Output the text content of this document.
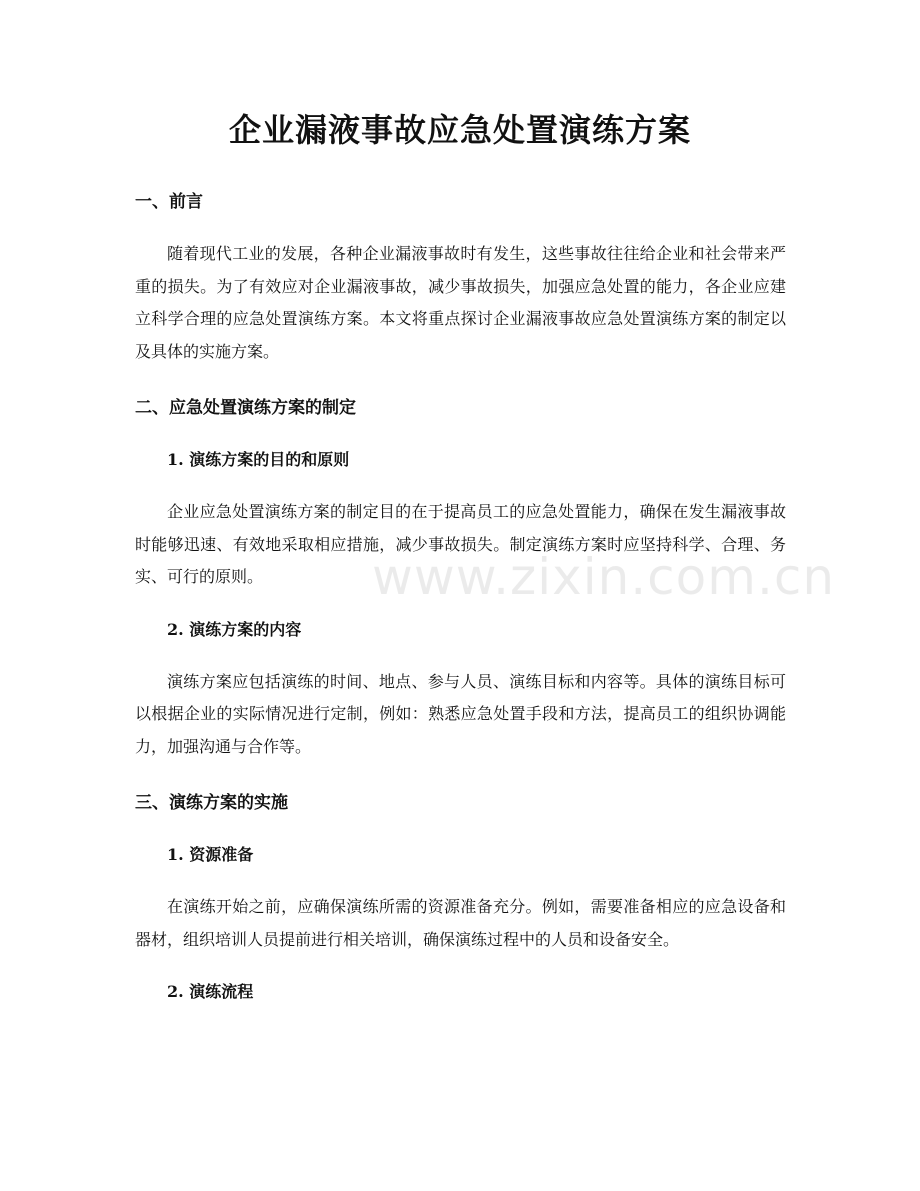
企业漏液事故应急处置演练方案
一、前言

随着现代工业的发展，各种企业漏液事故时有发生，这些事故往往给企业和社会带来严重的损失。为了有效应对企业漏液事故，减少事故损失，加强应急处置的能力，各企业应建立科学合理的应急处置演练方案。本文将重点探讨企业漏液事故应急处置演练方案的制定以及具体的实施方案。

二、应急处置演练方案的制定
1. 演练方案的目的和原则

企业应急处置演练方案的制定目的在于提高员工的应急处置能力，确保在发生漏液事故时能够迅速、有效地采取相应措施，减少事故损失。制定演练方案时应坚持科学、合理、务实、可行的原则。

2. 演练方案的内容

演练方案应包括演练的时间、地点、参与人员、演练目标和内容等。具体的演练目标可以根据企业的实际情况进行定制，例如：熟悉应急处置手段和方法，提高员工的组织协调能力，加强沟通与合作等。

三、演练方案的实施
1. 资源准备

在演练开始之前，应确保演练所需的资源准备充分。例如，需要准备相应的应急设备和器材，组织培训人员提前进行相关培训，确保演练过程中的人员和设备安全。

2. 演练流程
www.zixin.com.cn
